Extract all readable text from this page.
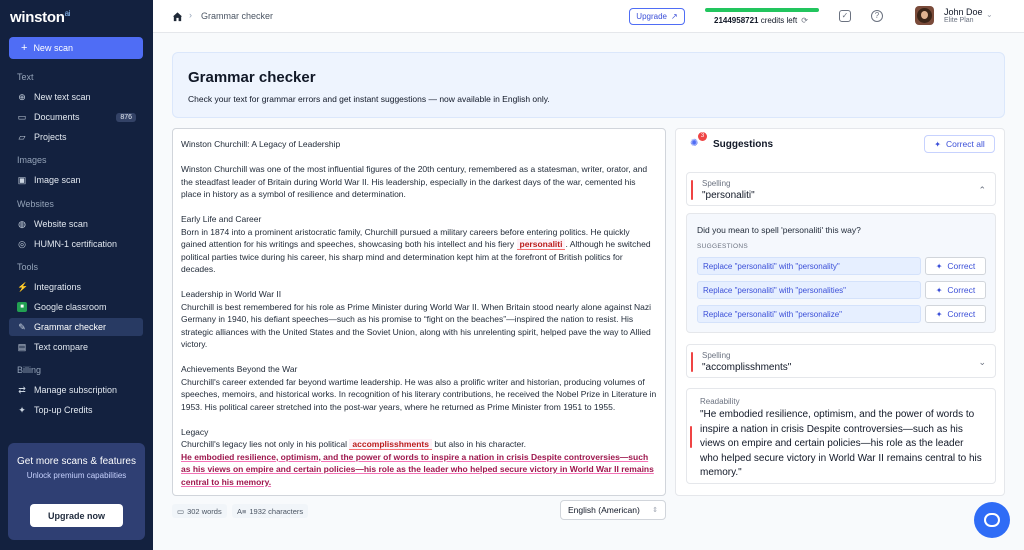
winston$^{ai}$
+ New scan
Text
⊕ New text scan
▭ Documents	876
▱ Projects
Images
▣ Image scan
Websites
◍ Website scan
◎ HUMN-1 certification
Tools
⚡ Integrations
■	Google classroom
✎ Grammar checker
▤ Text compare
Billing
⇄ Manage subscription
✦ Top-up Credits
Get more scans & features
Unlock premium capabilities
Upgrade now
› Grammar checker	Upgrade ↗	2144958721 credits left ⟳
✓	?	John Doe
Elite Plan
⌄
Grammar checker

Check your text for grammar errors and get instant suggestions — now available in English only.

Winston Churchill: A Legacy of Leadership

Winston Churchill was one of the most influential figures of the 20th century, remembered as a statesman, writer, orator, and the steadfast leader of Britain during World War II. His leadership, especially in the darkest days of the war, cemented his place in history as a symbol of resilience and determination.

Early Life and Career

Born in 1874 into a prominent aristocratic family, Churchill pursued a military careers before entering politics. He quickly gained attention for his writings and speeches, showcasing both his intellect and his fiery personaliti . Although he switched political parties twice during his career, his sharp mind and determination kept him at the forefront of British politics for decades.

Leadership in World War II

Churchill is best remembered for his role as Prime Minister during World War II. When Britain stood nearly alone against Nazi Germany in 1940, his defiant speeches—such as his promise to “fight on the beaches”—inspired the nation to resist. His strategic alliances with the United States and the Soviet Union, along with his unrelenting spirit, helped pave the way to Allied victory.

Achievements Beyond the War

Churchill's career extended far beyond wartime leadership. He was also a prolific writer and historian, producing volumes of speeches, memoirs, and historical works. In recognition of his literary contributions, he received the Nobel Prize in Literature in 1953. His political career stretched into the post-war years, where he returned as Prime Minister from 1951 to 1955.

Legacy
Churchill's legacy lies not only in his political accomplisshments but also in his character.
He embodied resilience, optimism, and the power of words to inspire a nation in crisis Despite controversies—such as his views on empire and certain policies—his role as the leader who helped secure victory in World War II remains central to his memory.
▭ 302 words A≡ 1932 characters	English (American) ⇕
✺
3
Suggestions	✦ Correct all
Spelling
"personaliti"	⌃
Did you mean to spell 'personaliti' this way?
SUGGESTIONS
Replace "personaliti" with "personality"	✦ Correct
Replace "personaliti" with "personalities"	✦ Correct
Replace "personaliti" with "personalize"	✦ Correct
Spelling
"accomplisshments"	⌄
Readability
"He embodied resilience, optimism, and the power of words to inspire a nation in crisis Despite controversies—such as his views on empire and certain policies—his role as the leader who helped secure victory in World War II remains central to his memory."
